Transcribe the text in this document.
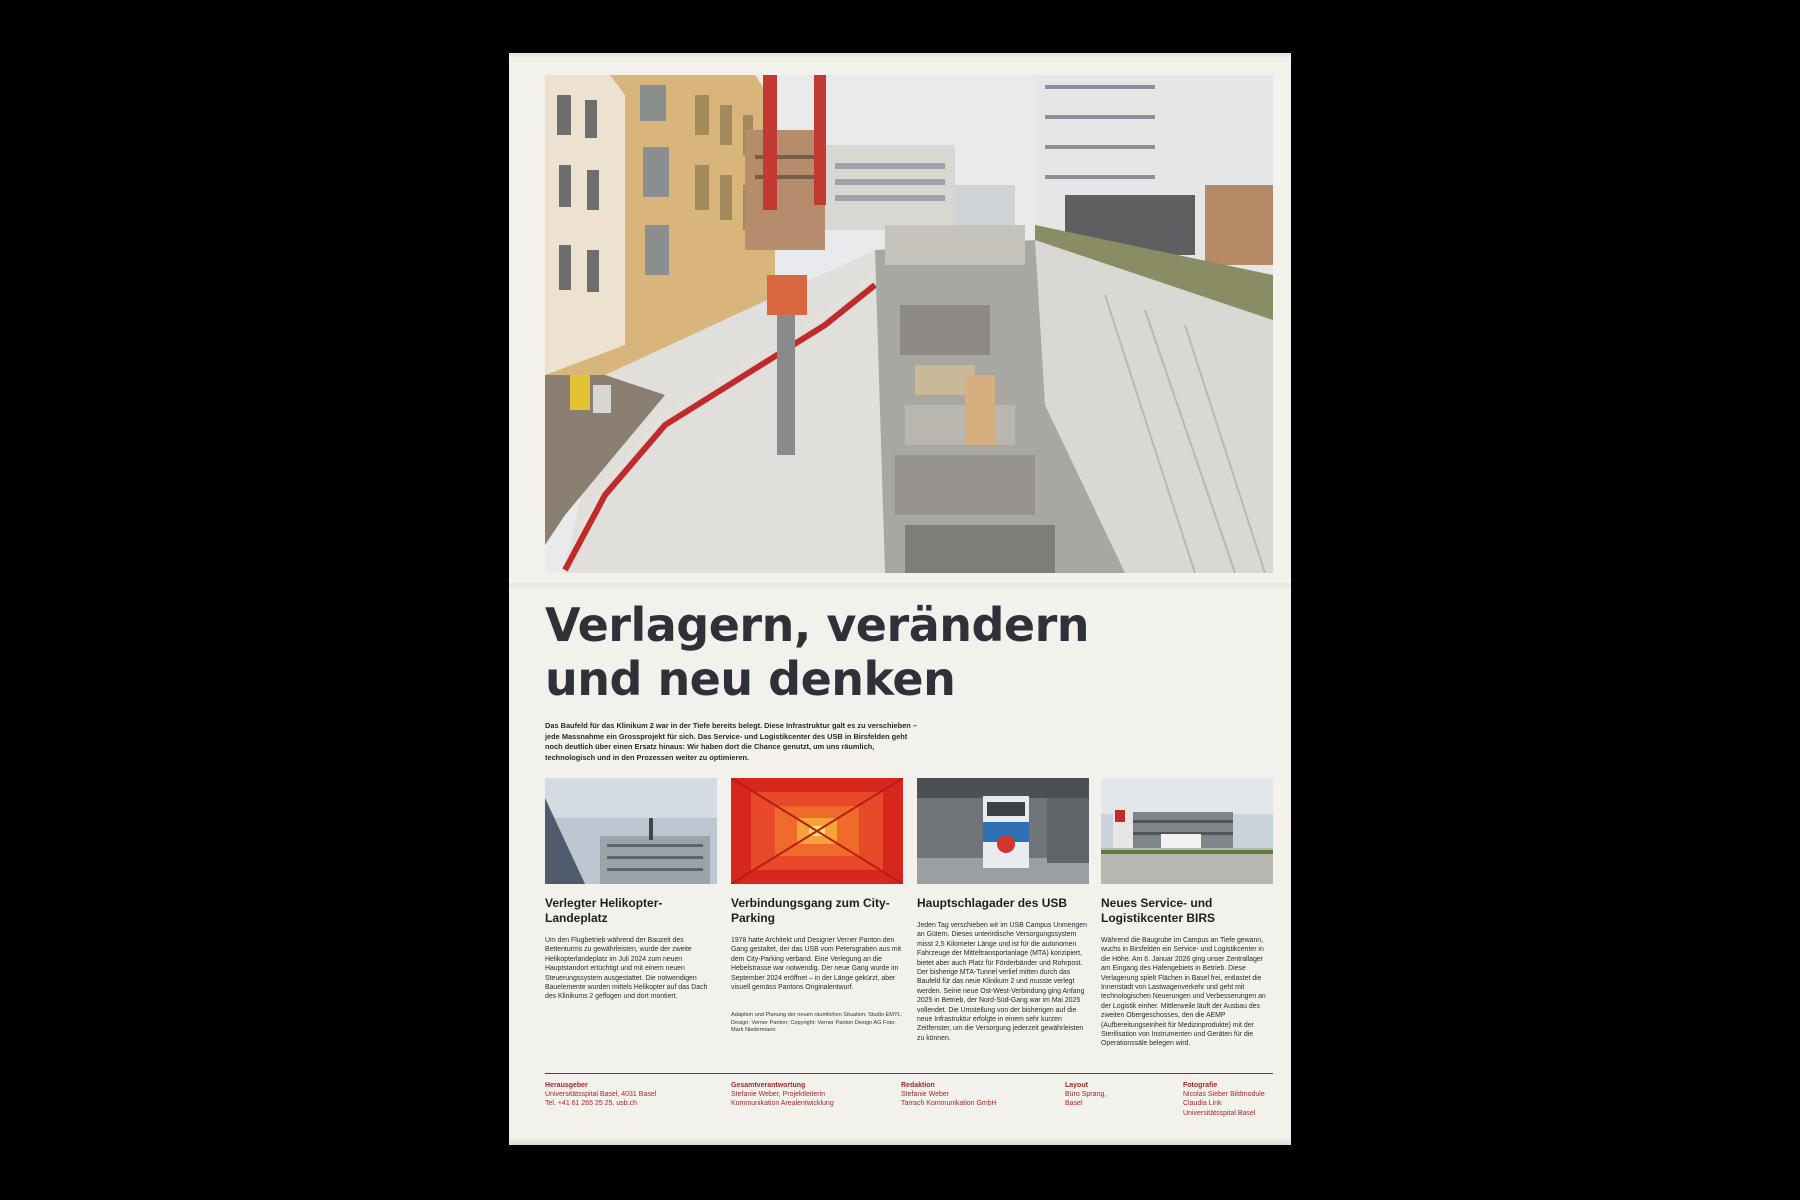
Verlagern, verändern
und neu denken

Das Baufeld für das Klinikum 2 war in der Tiefe bereits belegt. Diese Infrastruktur galt es zu verschieben – jede Massnahme ein Grossprojekt für sich. Das Service- und Logistikcenter des USB in Birsfelden geht noch deutlich über einen Ersatz hinaus: Wir haben dort die Chance genutzt, um uns räumlich, technologisch und in den Prozessen weiter zu optimieren.

Verlegter Helikopter-Landeplatz

Um den Flugbetrieb während der Bauzeit des Bettenturms zu gewährleisten, wurde der zweite Helikopterlandeplatz im Juli 2024 zum neuen Hauptstandort ertüchtigt und mit einem neuen Steuerungssystem ausgestattet. Die notwendigen Bauelemente wurden mittels Helikopter auf das Dach des Klinikums 2 geflogen und dort montiert.

Verbindungsgang zum City-Parking

1978 hatte Architekt und Designer Verner Panton den Gang gestaltet, der das USB vom Petersgraben aus mit dem City-Parking verband. Eine Verlegung an die Hebelstrasse war notwendig. Der neue Gang wurde im September 2024 eröffnet – in der Länge gekürzt, aber visuell gemäss Pantons Originalentwurf.

Adaption und Planung der neuen räumlichen Situation: Studio EMYL; Design: Verner Panton; Copyright: Verner Panton Design AG Foto: Mark Niedermann

Hauptschlagader des USB

Jeden Tag verschieben wir im USB Campus Unmengen an Gütern. Dieses unterirdische Versorgungssystem misst 2,5 Kilometer Länge und ist für die autonomen Fahrzeuge der Mitteltransportanlage (MTA) konzipiert, bietet aber auch Platz für Förderbänder und Rohrpost. Der bisherige MTA-Tunnel verlief mitten durch das Baufeld für das neue Klinikum 2 und musste verlegt werden. Seine neue Ost-West-Verbindung ging Anfang 2025 in Betrieb, der Nord-Süd-Gang war im Mai 2025 vollendet. Die Umstellung von der bisherigen auf die neue Infrastruktur erfolgte in einem sehr kurzen Zeitfenster, um die Versorgung jederzeit gewährleisten zu können.

Neues Service- und Logistikcenter BIRS

Während die Baugrube im Campus an Tiefe gewann, wuchs in Birsfelden ein Service- und Logistikcenter in die Höhe. Am 6. Januar 2026 ging unser Zentrallager am Eingang des Hafengebiets in Betrieb. Diese Verlagerung spielt Flächen in Basel frei, entlastet die Innenstadt von Lastwagenverkehr und geht mit technologischen Neuerungen und Verbesserungen an der Logistik einher. Mittlerweile läuft der Ausbau des zweiten Obergeschosses, den die AEMP (Aufbereitungseinheit für Medizinprodukte) mit der Sterilisation von Instrumenten und Geräten für die Operationssäle belegen wird.

Herausgeber
Universitätsspital Basel, 4031 Basel
Tel. +41 61 265 25 25, usb.ch
Gesamtverantwortung
Stefanie Weber, Projektleiterin
Kommunikation Arealentwicklung
Redaktion
Stefanie Weber
Tarrach Kommunikation GmbH
Layout
Büro Sprang,
Basel
Fotografie
Nicolas Sieber Bildmodule
Claudia Link
Universitätsspital Basel
